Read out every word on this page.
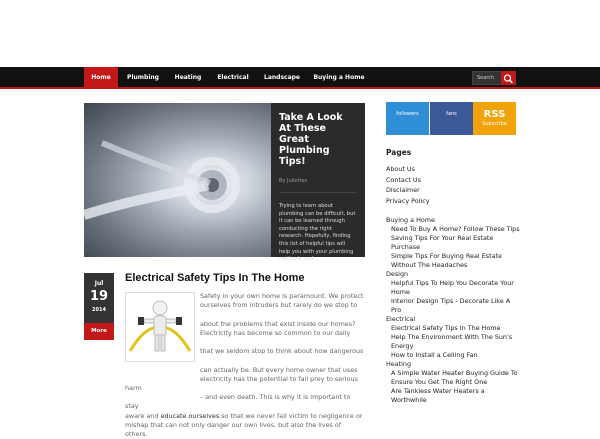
Home	Plumbing	Heating	Electrical	Landscape	Buying a Home	Search
Take A Look At These Great Plumbing Tips!
By Juliettes
Trying to learn about plumbing can be difficult, but it can be learned through conducting the right research. Hopefully, finding this list of helpful tips will help you with your plumbing methods and...
Jul
19
2014
More
Electrical Safety Tips In The Home
Safety in your own home is paramount. We protect
ourselves from intruders but rarely do we stop to
about the problems that exist inside our homes?
Electricity has become so common to our daily
that we seldom stop to think about how dangerous
can actually be. But every home owner that uses
electricity has the potential to fall prey to serious harm
– and even death. This is why it is important to stay
aware and educate ourselves so that we never fall victim to negligence or mishap that can not only danger our own lives, but also the lives of others.
followers	fans	RSS
Subscribe
Pages
About Us
Contact Us
Disclaimer
Privacy Policy
Buying a Home
Need To Buy A Home? Follow These Tips
Saving Tips For Your Real Estate Purchase
Simple Tips For Buying Real Estate Without The Headaches
Design
Helpful Tips To Help You Decorate Your Home
Interior Design Tips - Decorate Like A Pro
Electrical
Electrical Safety Tips In The Home
Help The Environment With The Sun's Energy
How to Install a Ceiling Fan
Heating
A Simple Water Heater Buying Guide To Ensure You Get The Right One
Are Tankless Water Heaters a Worthwhile
